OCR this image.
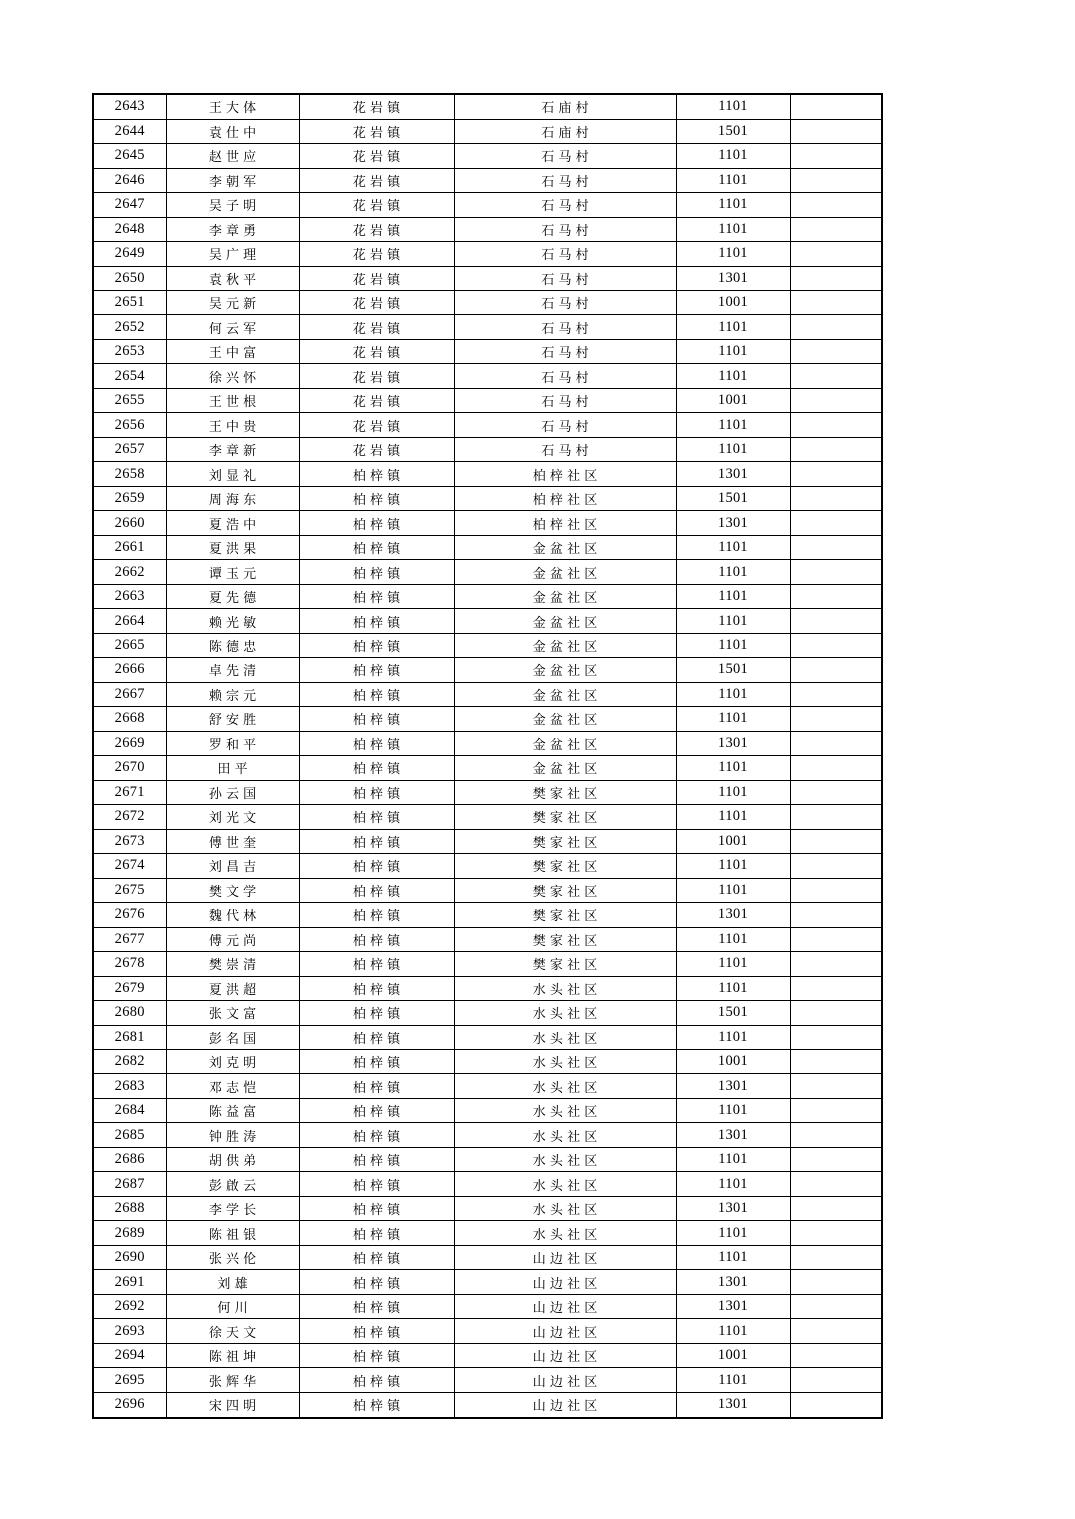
2643	王大体	花岩镇	石庙村	1101	
2644	袁仕中	花岩镇	石庙村	1501	
2645	赵世应	花岩镇	石马村	1101	
2646	李朝军	花岩镇	石马村	1101	
2647	吴子明	花岩镇	石马村	1101	
2648	李章勇	花岩镇	石马村	1101	
2649	吴广理	花岩镇	石马村	1101	
2650	袁秋平	花岩镇	石马村	1301	
2651	吴元新	花岩镇	石马村	1001	
2652	何云军	花岩镇	石马村	1101	
2653	王中富	花岩镇	石马村	1101	
2654	徐兴怀	花岩镇	石马村	1101	
2655	王世根	花岩镇	石马村	1001	
2656	王中贵	花岩镇	石马村	1101	
2657	李章新	花岩镇	石马村	1101	
2658	刘显礼	柏梓镇	柏梓社区	1301	
2659	周海东	柏梓镇	柏梓社区	1501	
2660	夏浩中	柏梓镇	柏梓社区	1301	
2661	夏洪果	柏梓镇	金盆社区	1101	
2662	谭玉元	柏梓镇	金盆社区	1101	
2663	夏先德	柏梓镇	金盆社区	1101	
2664	赖光敏	柏梓镇	金盆社区	1101	
2665	陈德忠	柏梓镇	金盆社区	1101	
2666	卓先清	柏梓镇	金盆社区	1501	
2667	赖宗元	柏梓镇	金盆社区	1101	
2668	舒安胜	柏梓镇	金盆社区	1101	
2669	罗和平	柏梓镇	金盆社区	1301	
2670	田平	柏梓镇	金盆社区	1101	
2671	孙云国	柏梓镇	樊家社区	1101	
2672	刘光文	柏梓镇	樊家社区	1101	
2673	傅世奎	柏梓镇	樊家社区	1001	
2674	刘昌吉	柏梓镇	樊家社区	1101	
2675	樊文学	柏梓镇	樊家社区	1101	
2676	魏代林	柏梓镇	樊家社区	1301	
2677	傅元尚	柏梓镇	樊家社区	1101	
2678	樊崇清	柏梓镇	樊家社区	1101	
2679	夏洪超	柏梓镇	水头社区	1101	
2680	张文富	柏梓镇	水头社区	1501	
2681	彭名国	柏梓镇	水头社区	1101	
2682	刘克明	柏梓镇	水头社区	1001	
2683	邓志恺	柏梓镇	水头社区	1301	
2684	陈益富	柏梓镇	水头社区	1101	
2685	钟胜涛	柏梓镇	水头社区	1301	
2686	胡供弟	柏梓镇	水头社区	1101	
2687	彭啟云	柏梓镇	水头社区	1101	
2688	李学长	柏梓镇	水头社区	1301	
2689	陈祖银	柏梓镇	水头社区	1101	
2690	张兴伦	柏梓镇	山边社区	1101	
2691	刘雄	柏梓镇	山边社区	1301	
2692	何川	柏梓镇	山边社区	1301	
2693	徐天文	柏梓镇	山边社区	1101	
2694	陈祖坤	柏梓镇	山边社区	1001	
2695	张辉华	柏梓镇	山边社区	1101	
2696	宋四明	柏梓镇	山边社区	1301	
